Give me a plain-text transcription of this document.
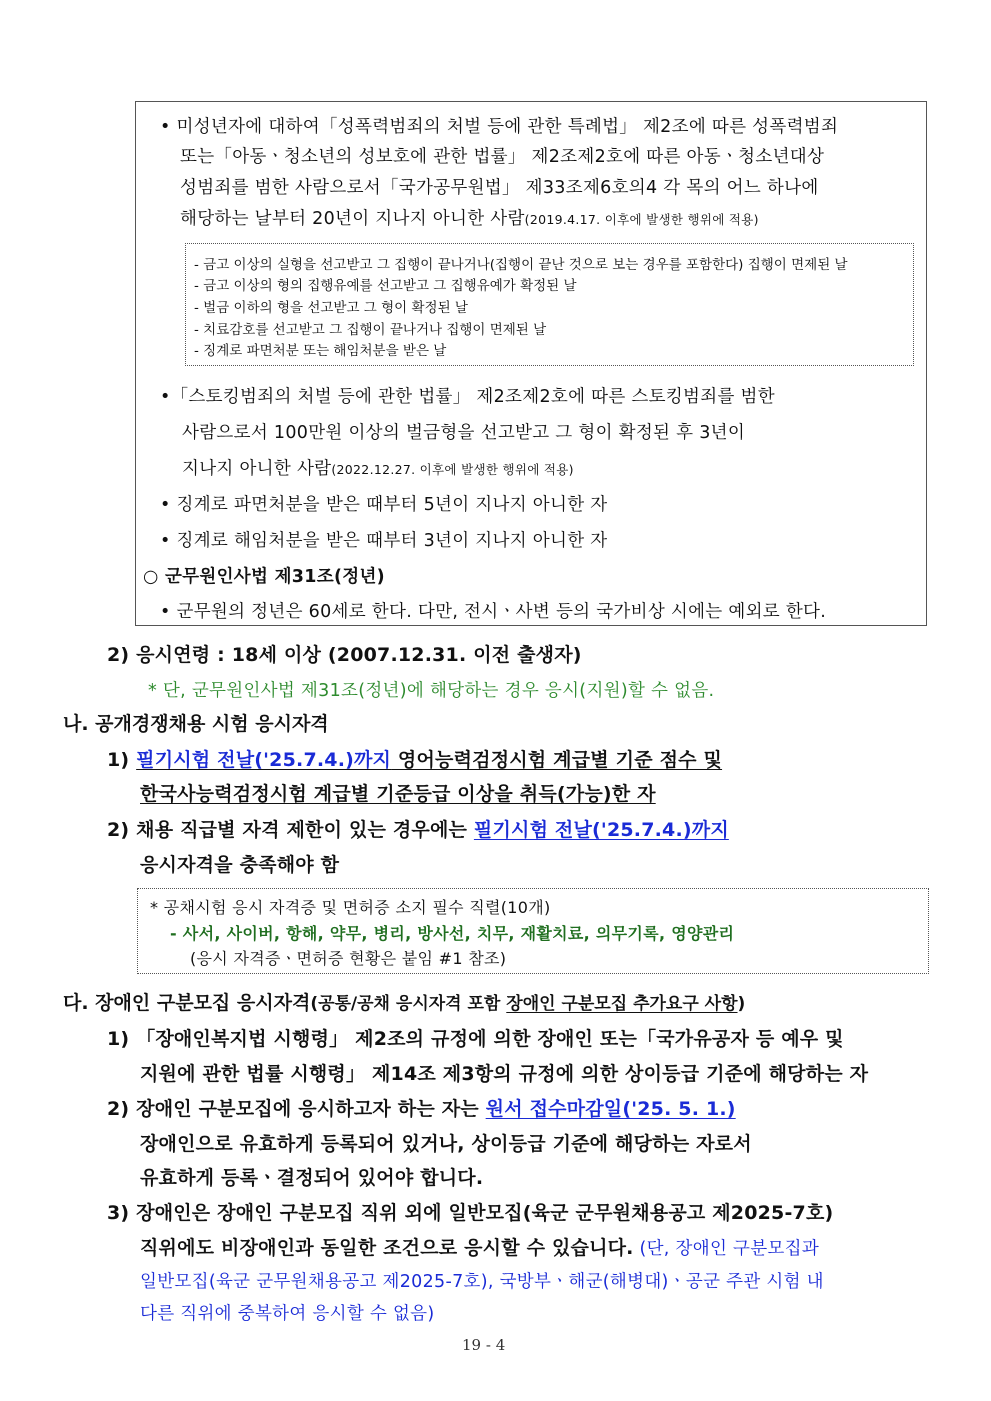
• 미성년자에 대하여「성폭력범죄의 처벌 등에 관한 특례법」 제2조에 따른 성폭력범죄
또는「아동ㆍ청소년의 성보호에 관한 법률」 제2조제2호에 따른 아동ㆍ청소년대상
성범죄를 범한 사람으로서「국가공무원법」 제33조제6호의4 각 목의 어느 하나에
해당하는 날부터 20년이 지나지 아니한 사람(2019.4.17. 이후에 발생한 행위에 적용)
- 금고 이상의 실형을 선고받고 그 집행이 끝나거나(집행이 끝난 것으로 보는 경우를 포함한다) 집행이 면제된 날
- 금고 이상의 형의 집행유예를 선고받고 그 집행유예가 확정된 날
- 벌금 이하의 형을 선고받고 그 형이 확정된 날
- 치료감호를 선고받고 그 집행이 끝나거나 집행이 면제된 날
- 징계로 파면처분 또는 해임처분을 받은 날
•「스토킹범죄의 처벌 등에 관한 법률」 제2조제2호에 따른 스토킹범죄를 범한
사람으로서 100만원 이상의 벌금형을 선고받고 그 형이 확정된 후 3년이
지나지 아니한 사람(2022.12.27. 이후에 발생한 행위에 적용)
• 징계로 파면처분을 받은 때부터 5년이 지나지 아니한 자
• 징계로 해임처분을 받은 때부터 3년이 지나지 아니한 자
○ 군무원인사법 제31조(정년)
• 군무원의 정년은 60세로 한다. 다만, 전시ㆍ사변 등의 국가비상 시에는 예외로 한다.
2) 응시연령 : 18세 이상 (2007.12.31. 이전 출생자)
* 단, 군무원인사법 제31조(정년)에 해당하는 경우 응시(지원)할 수 없음.
나. 공개경쟁채용 시험 응시자격
1) 필기시험 전날('25.7.4.)까지 영어능력검정시험 계급별 기준 점수 및
한국사능력검정시험 계급별 기준등급 이상을 취득(가능)한 자
2) 채용 직급별 자격 제한이 있는 경우에는 필기시험 전날('25.7.4.)까지
응시자격을 충족해야 함
* 공채시험 응시 자격증 및 면허증 소지 필수 직렬(10개)
- 사서, 사이버, 항해, 약무, 병리, 방사선, 치무, 재활치료, 의무기록, 영양관리
(응시 자격증ㆍ면허증 현황은 붙임 #1 참조)
다. 장애인 구분모집 응시자격(공통/공채 응시자격 포함 장애인 구분모집 추가요구 사항)
1) 「장애인복지법 시행령」 제2조의 규정에 의한 장애인 또는「국가유공자 등 예우 및
지원에 관한 법률 시행령」 제14조 제3항의 규정에 의한 상이등급 기준에 해당하는 자
2) 장애인 구분모집에 응시하고자 하는 자는 원서 접수마감일('25. 5. 1.)
장애인으로 유효하게 등록되어 있거나, 상이등급 기준에 해당하는 자로서
유효하게 등록ㆍ결정되어 있어야 합니다.
3) 장애인은 장애인 구분모집 직위 외에 일반모집(육군 군무원채용공고 제2025-7호)
직위에도 비장애인과 동일한 조건으로 응시할 수 있습니다. (단, 장애인 구분모집과
일반모집(육군 군무원채용공고 제2025-7호), 국방부ㆍ해군(해병대)ㆍ공군 주관 시험 내
다른 직위에 중복하여 응시할 수 없음)
19 - 4
